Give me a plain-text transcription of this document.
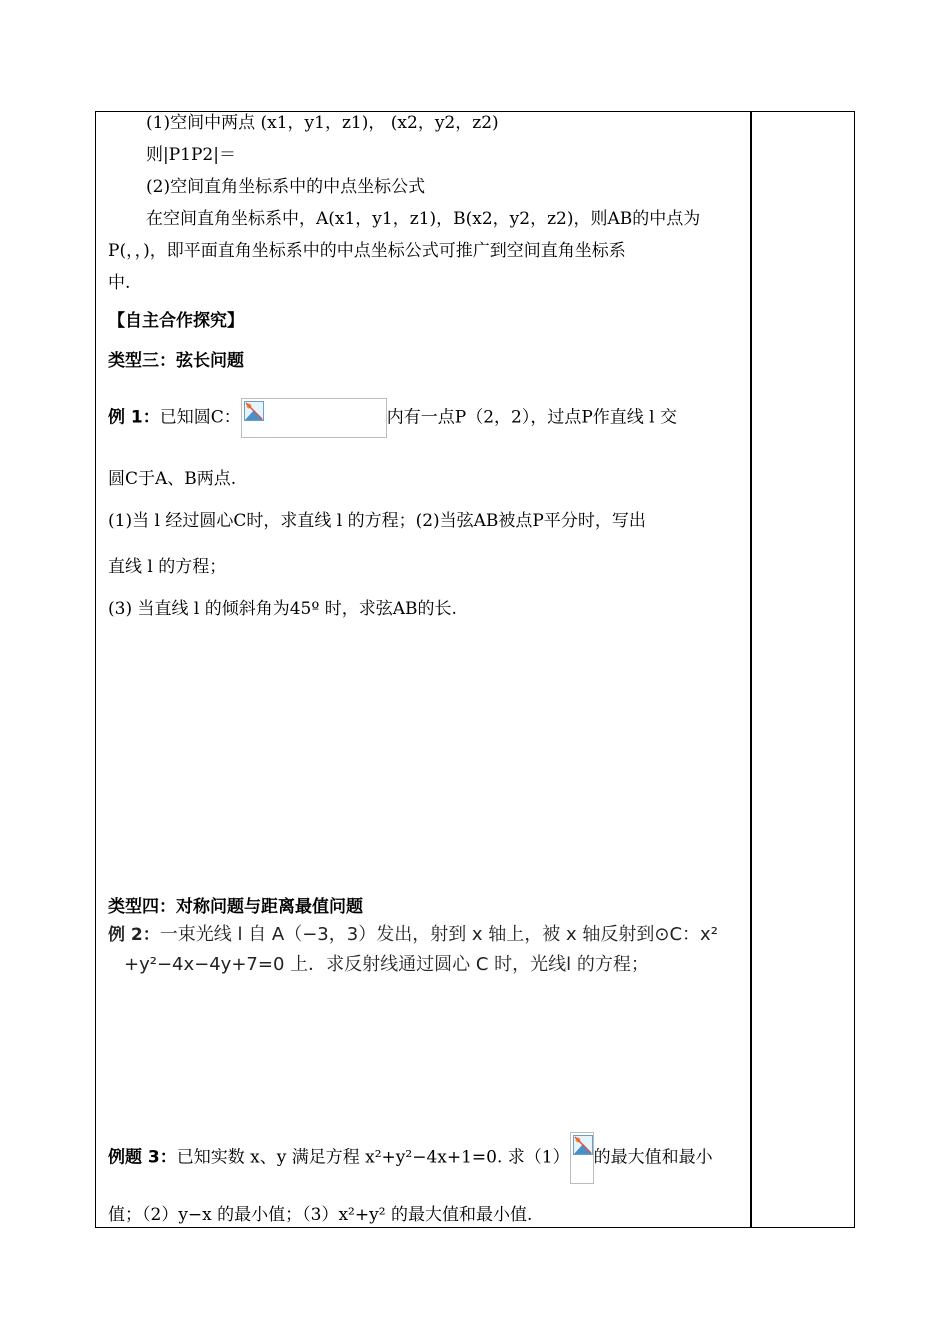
(1)空间中两点 (x1，y1，z1)， (x2，y2，z2)
则|P1P2|＝
(2)空间直角坐标系中的中点坐标公式
在空间直角坐标系中，A(x1，y1，z1)，B(x2，y2，z2)，则AB的中点为
P(，，)，即平面直角坐标系中的中点坐标公式可推广到空间直角坐标系
中.
【自主合作探究】
类型三：弦长问题
例 1：已知圆C：	内有一点P（2，2），过点P作直线 l 交
圆C于A、B两点.
(1)当 l 经过圆心C时，求直线 l 的方程；(2)当弦AB被点P平分时，写出
直线 l 的方程；
(3) 当直线 l 的倾斜角为45º 时，求弦AB的长.
类型四：对称问题与距离最值问题
例 2：一束光线 l 自 A（−3，3）发出，射到 x 轴上，被 x 轴反射到⊙C：x²
+y²−4x−4y+7=0 上．求反射线通过圆心 C 时，光线l 的方程；
例题 3：已知实数 x、y 满足方程 x²+y²−4x+1=0. 求（1） 的最大值和最小
值；（2）y−x 的最小值；（3）x²+y² 的最大值和最小值.
